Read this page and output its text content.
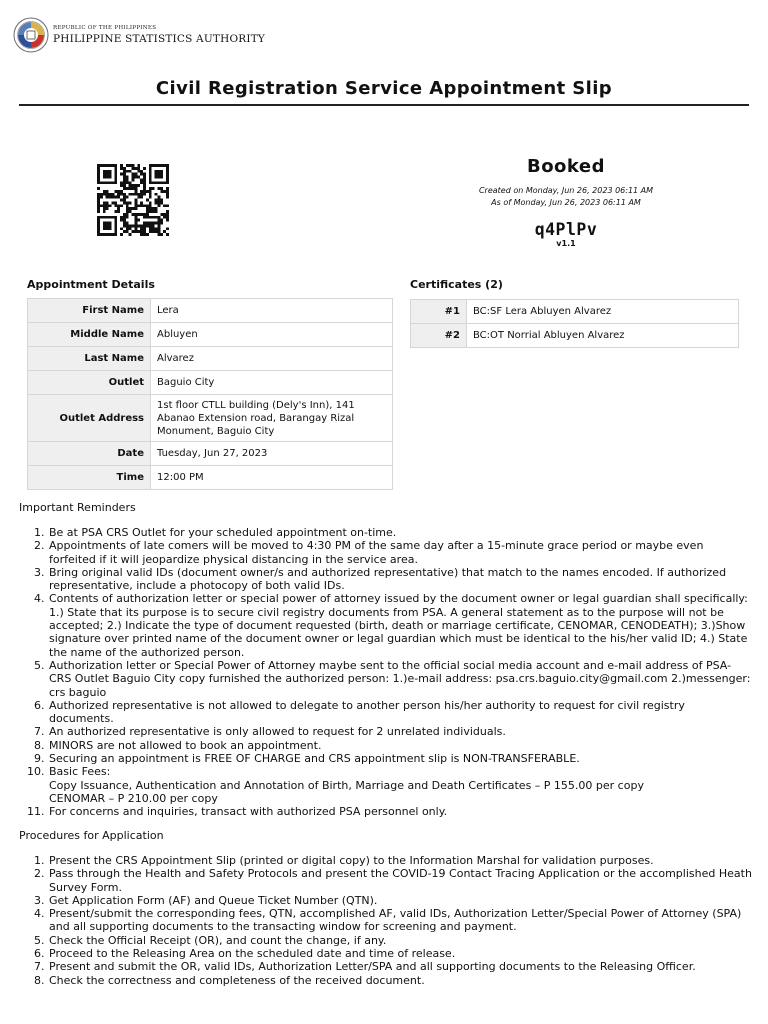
REPUBLIC OF THE PHILIPPINES
PHILIPPINE STATISTICS AUTHORITY
Civil Registration Service Appointment Slip
Booked
Created on Monday, Jun 26, 2023 06:11 AM
As of Monday, Jun 26, 2023 06:11 AM
q4PlPv
v1.1
Appointment Details	Certificates (2)
First Name	Lera
Middle Name	Abluyen
Last Name	Alvarez
Outlet	Baguio City
Outlet Address	1st floor CTLL building (Dely's Inn), 141 Abanao Extension road, Barangay Rizal Monument, Baguio City
Date	Tuesday, Jun 27, 2023
Time	12:00 PM
#1	BC:SF Lera Abluyen Alvarez
#2	BC:OT Norrial Abluyen Alvarez
Important Reminders
1. Be at PSA CRS Outlet for your scheduled appointment on-time.
2. Appointments of late comers will be moved to 4:30 PM of the same day after a 15-minute grace period or maybe even forfeited if it will jeopardize physical distancing in the service area.
3. Bring original valid IDs (document owner/s and authorized representative) that match to the names encoded. If authorized representative, include a photocopy of both valid IDs.
4. Contents of authorization letter or special power of attorney issued by the document owner or legal guardian shall specifically: 1.) State that its purpose is to secure civil registry documents from PSA. A general statement as to the purpose will not be accepted; 2.) Indicate the type of document requested (birth, death or marriage certificate, CENOMAR, CENODEATH); 3.)Show signature over printed name of the document owner or legal guardian which must be identical to the his/her valid ID; 4.) State the name of the authorized person.
5. Authorization letter or Special Power of Attorney maybe sent to the official social media account and e-mail address of PSA-CRS Outlet Baguio City copy furnished the authorized person: 1.)e-mail address: psa.crs.baguio.city@gmail.com 2.)messenger: crs baguio
6. Authorized representative is not allowed to delegate to another person his/her authority to request for civil registry documents.
7. An authorized representative is only allowed to request for 2 unrelated individuals.
8. MINORS are not allowed to book an appointment.
9. Securing an appointment is FREE OF CHARGE and CRS appointment slip is NON-TRANSFERABLE.
10. Basic Fees:
Copy Issuance, Authentication and Annotation of Birth, Marriage and Death Certificates – P 155.00 per copy
CENOMAR – P 210.00 per copy
11. For concerns and inquiries, transact with authorized PSA personnel only.
Procedures for Application
1. Present the CRS Appointment Slip (printed or digital copy) to the Information Marshal for validation purposes.
2. Pass through the Health and Safety Protocols and present the COVID-19 Contact Tracing Application or the accomplished Heath Survey Form.
3. Get Application Form (AF) and Queue Ticket Number (QTN).
4. Present/submit the corresponding fees, QTN, accomplished AF, valid IDs, Authorization Letter/Special Power of Attorney (SPA) and all supporting documents to the transacting window for screening and payment.
5. Check the Official Receipt (OR), and count the change, if any.
6. Proceed to the Releasing Area on the scheduled date and time of release.
7. Present and submit the OR, valid IDs, Authorization Letter/SPA and all supporting documents to the Releasing Officer.
8. Check the correctness and completeness of the received document.
